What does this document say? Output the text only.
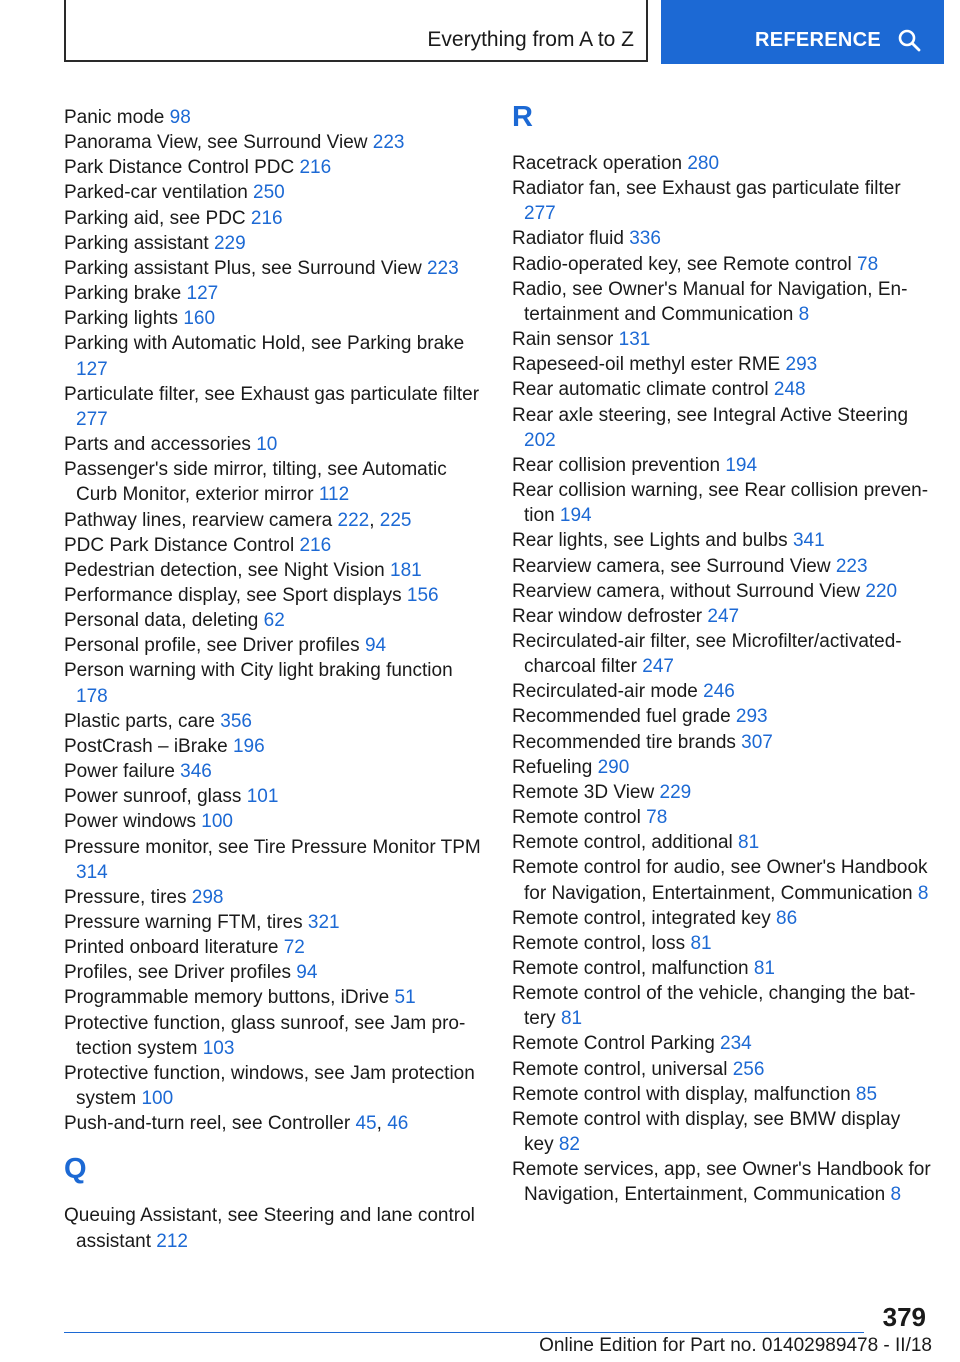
Everything from A to Z	REFERENCE
Panic mode 98
Panorama View, see Surround View 223
Park Distance Control PDC 216
Parked-car ventilation 250
Parking aid, see PDC 216
Parking assistant 229
Parking assistant Plus, see Surround View 223
Parking brake 127
Parking lights 160
Parking with Automatic Hold, see Parking brake 127
Particulate filter, see Exhaust gas particulate filter 277
Parts and accessories 10
Passenger's side mirror, tilting, see Automatic Curb Monitor, exterior mirror 112
Pathway lines, rearview camera 222, 225
PDC Park Distance Control 216
Pedestrian detection, see Night Vision 181
Performance display, see Sport displays 156
Personal data, deleting 62
Personal profile, see Driver profiles 94
Person warning with City light braking function 178
Plastic parts, care 356
PostCrash – iBrake 196
Power failure 346
Power sunroof, glass 101
Power windows 100
Pressure monitor, see Tire Pressure Monitor TPM 314
Pressure, tires 298
Pressure warning FTM, tires 321
Printed onboard literature 72
Profiles, see Driver profiles 94
Programmable memory buttons, iDrive 51
Protective function, glass sunroof, see Jam protection system 103
Protective function, windows, see Jam protection system 100
Push-and-turn reel, see Controller 45, 46
Q
Queuing Assistant, see Steering and lane control assistant 212
R
Racetrack operation 280
Radiator fan, see Exhaust gas particulate filter 277
Radiator fluid 336
Radio-operated key, see Remote control 78
Radio, see Owner's Manual for Navigation, Entertainment and Communication 8
Rain sensor 131
Rapeseed-oil methyl ester RME 293
Rear automatic climate control 248
Rear axle steering, see Integral Active Steering 202
Rear collision prevention 194
Rear collision warning, see Rear collision prevention 194
Rear lights, see Lights and bulbs 341
Rearview camera, see Surround View 223
Rearview camera, without Surround View 220
Rear window defroster 247
Recirculated-air filter, see Microfilter/activated-charcoal filter 247
Recirculated-air mode 246
Recommended fuel grade 293
Recommended tire brands 307
Refueling 290
Remote 3D View 229
Remote control 78
Remote control, additional 81
Remote control for audio, see Owner's Handbook for Navigation, Entertainment, Communication 8
Remote control, integrated key 86
Remote control, loss 81
Remote control, malfunction 81
Remote control of the vehicle, changing the battery 81
Remote Control Parking 234
Remote control, universal 256
Remote control with display, malfunction 85
Remote control with display, see BMW display key 82
Remote services, app, see Owner's Handbook for Navigation, Entertainment, Communication 8
379
Online Edition for Part no. 01402989478 - II/18
